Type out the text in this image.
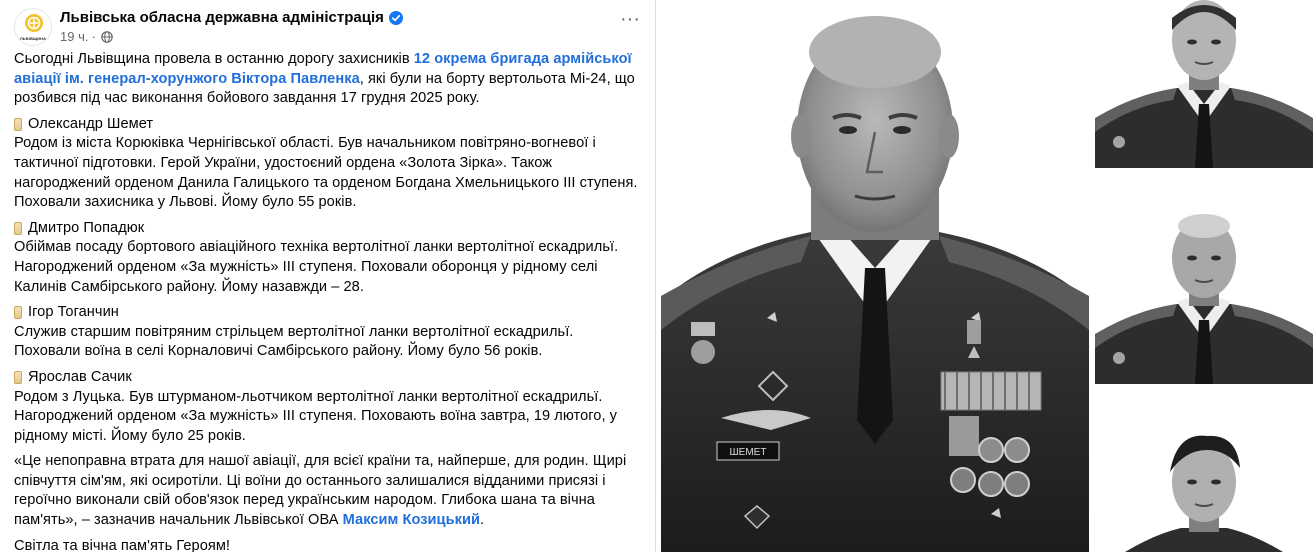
ЛЬВІВЩИНА
Львівська обласна державна адміністрація
19 ч. ·
···

Сьогодні Львівщина провела в останню дорогу захисників 12 окрема бригада армійської авіації ім. генерал-хорунжого Віктора Павленка, які були на борту вертольота Мі-24, що розбився під час виконання бойового завдання 17 грудня 2025 року.

Олександр Шемет

Родом із міста Корюківка Чернігівської області. Був начальником повітряно-вогневої і тактичної підготовки. Герой України, удостоєний ордена «Золота Зірка». Також нагороджений орденом Данила Галицького та орденом Богдана Хмельницького III ступеня. Поховали захисника у Львові. Йому було 55 років.

Дмитро Попадюк

Обіймав посаду бортового авіаційного техніка вертолітної ланки вертолітної ескадрильї. Нагороджений орденом «За мужність» III ступеня. Поховали оборонця у рідному селі Калинів Самбірського району. Йому назавжди – 28.

Ігор Тоганчин

Служив старшим повітряним стрільцем вертолітної ланки вертолітної ескадрильї. Поховали воїна в селі Корналовичі Самбірського району. Йому було 56 років.

Ярослав Сачик

Родом з Луцька. Був штурманом-льотчиком вертолітної ланки вертолітної ескадрильї. Нагороджений орденом «За мужність» III ступеня. Поховають воїна завтра, 19 лютого, у рідному місті. Йому було 25 років.

«Це непоправна втрата для нашої авіації, для всієї країни та, найперше, для родин. Щирі співчуття сім'ям, які осиротіли. Ці воїни до останнього залишалися відданими присязі і героїчно виконали свій обов'язок перед українським народом. Глибока шана та вічна пам'ять», – зазначив начальник Львівської ОВА Максим Козицький.

Світла та вічна пам'ять Героям!

ШЕМЕТ
